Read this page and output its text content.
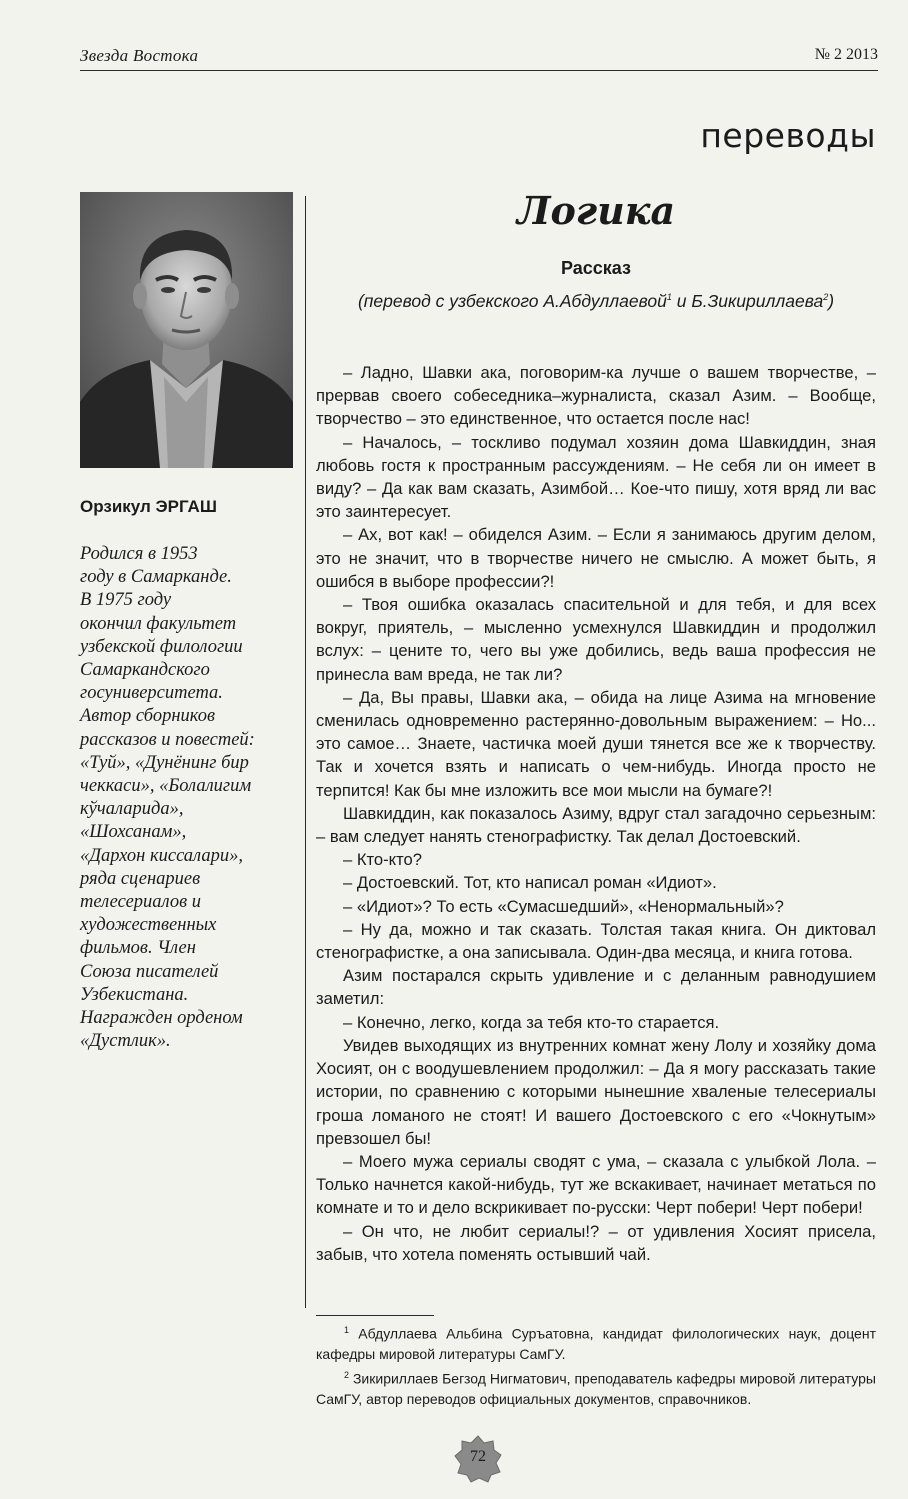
Звезда Востока	№ 2 2013
переводы
Орзикул ЭРГАШ
Родился в 1953
году в Самарканде.
В 1975 году
окончил факультет
узбекской филологии
Самаркандского
госуниверситета.
Автор сборников
рассказов и повестей:
«Туй», «Дунёнинг бир
чеккаси», «Болалигим
кўчаларида»,
«Шохсанам»,
«Дархон киссалари»,
ряда сценариев
телесериалов и
художественных
фильмов. Член
Союза писателей
Узбекистана.
Награжден орденом
«Дустлик».
Логика
Рассказ
(перевод с узбекского А.Абдуллаевой$^1$ и Б.Зикириллаева$^2$)

– Ладно, Шавки ака, поговорим-ка лучше о вашем творчестве, – прервав своего собеседника–журналиста, сказал Азим. – Вообще, творчество – это единственное, что остается после нас!

– Началось, – тоскливо подумал хозяин дома Шавкиддин, зная любовь гостя к пространным рассуждениям. – Не себя ли он имеет в виду? – Да как вам сказать, Азимбой… Кое-что пишу, хотя вряд ли вас это заинтересует.

– Ах, вот как! – обиделся Азим. – Если я занимаюсь другим делом, это не значит, что в творчестве ничего не смыслю. А может быть, я ошибся в выборе профессии?!

– Твоя ошибка оказалась спасительной и для тебя, и для всех вокруг, приятель, – мысленно усмехнулся Шавкиддин и продолжил вслух: – цените то, чего вы уже добились, ведь ваша профессия не принесла вам вреда, не так ли?

– Да, Вы правы, Шавки ака, – обида на лице Азима на мгновение сменилась одновременно растерянно-довольным выражением: – Но... это самое… Знаете, частичка моей души тянется все же к творчеству. Так и хочется взять и написать о чем-нибудь. Иногда просто не терпится! Как бы мне изложить все мои мысли на бумаге?!

Шавкиддин, как показалось Азиму, вдруг стал загадочно серьезным: – вам следует нанять стенографистку. Так делал Достоевский.

– Кто-кто?

– Достоевский. Тот, кто написал роман «Идиот».

– «Идиот»? То есть «Сумасшедший», «Ненормальный»?

– Ну да, можно и так сказать. Толстая такая книга. Он диктовал стенографистке, а она записывала. Один-два месяца, и книга готова.

Азим постарался скрыть удивление и с деланным равнодушием заметил:

– Конечно, легко, когда за тебя кто-то старается.

Увидев выходящих из внутренних комнат жену Лолу и хозяйку дома Хосият, он с воодушевлением продолжил: – Да я могу рассказать такие истории, по сравнению с которыми нынешние хваленые телесериалы гроша ломаного не стоят! И вашего Достоевского с его «Чокнутым» превзошел бы!

– Моего мужа сериалы сводят с ума, – сказала с улыбкой Лола. – Только начнется какой-нибудь, тут же вскакивает, начинает метаться по комнате и то и дело вскрикивает по-русски: Черт побери! Черт побери!

– Он что, не любит сериалы!? – от удивления Хосият присела, забыв, что хотела поменять остывший чай.

$^1$ Абдуллаева Альбина Суръатовна, кандидат филологических наук, доцент кафедры мировой литературы СамГУ.

$^2$ Зикириллаев Бегзод Нигматович, преподаватель кафедры мировой литературы СамГУ, автор переводов официальных документов, справочников.

72
